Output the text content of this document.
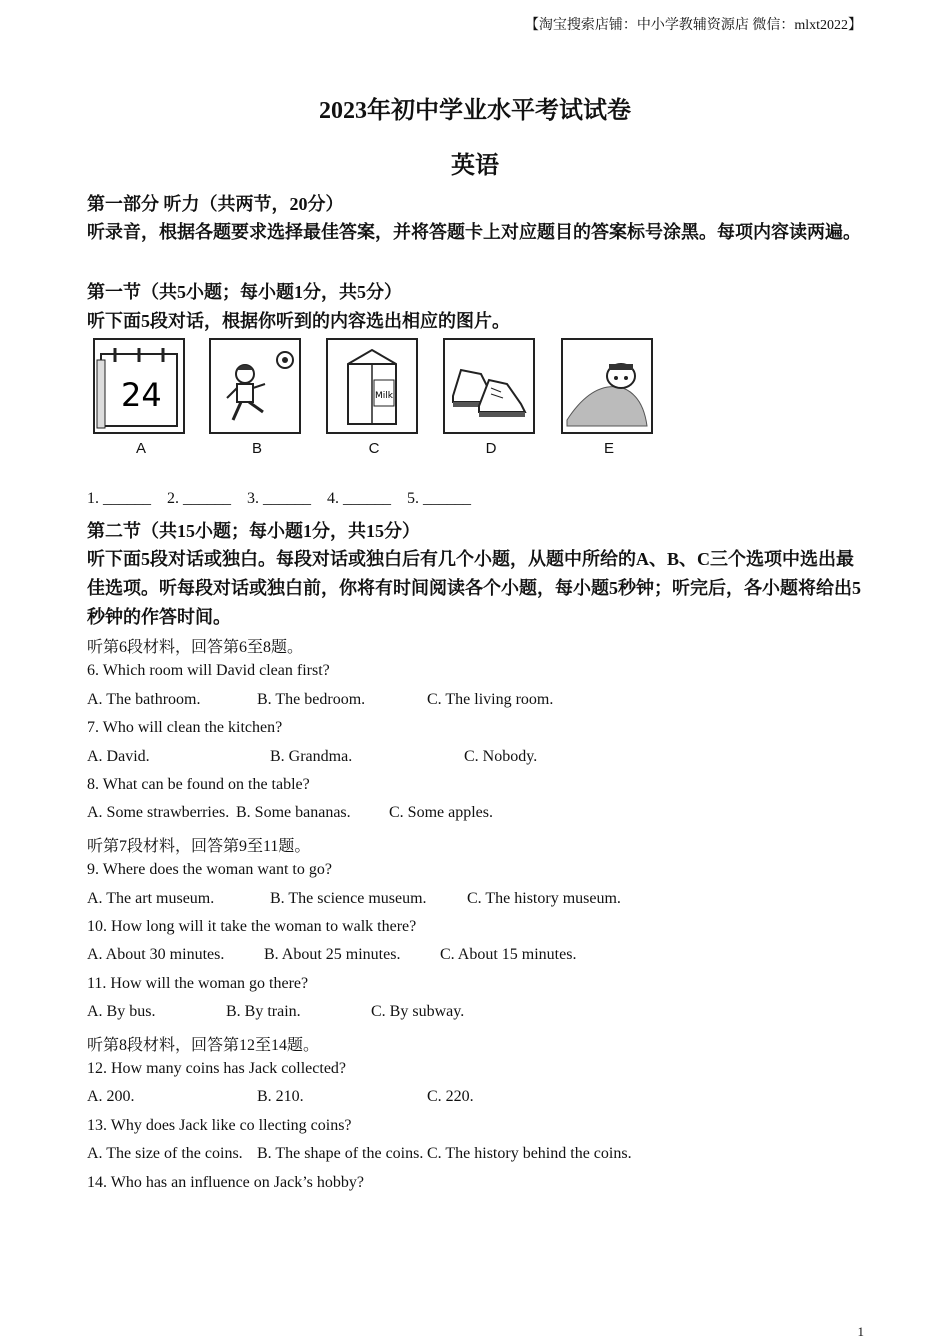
【淘宝搜索店铺：中小学教辅资源店 微信：mlxt2022】
2023年初中学业水平考试试卷
英语
第一部分 听力（共两节，20分）
听录音，根据各题要求选择最佳答案，并将答题卡上对应题目的答案标号涂黑。每项内容读两遍。
第一节（共5小题；每小题1分，共5分）
听下面5段对话，根据你听到的内容选出相应的图片。
24
A	B
Milk
C	D	E
1. ______    2. ______    3. ______    4. ______    5. ______
第二节（共15小题；每小题1分，共15分）
听下面5段对话或独白。每段对话或独白后有几个小题，从题中所给的A、B、C三个选项中选出最佳选项。听每段对话或独白前，你将有时间阅读各个小题，每小题5秒钟；听完后，各小题将给出5秒钟的作答时间。
听第6段材料，回答第6至8题。
6. Which room will David clean first?
A. The bathroom.	B. The bedroom.	C. The living room.
7. Who will clean the kitchen?
A. David.	B. Grandma.	C. Nobody.
8. What can be found on the table?
A. Some strawberries. B. Some bananas. C. Some apples.
听第7段材料，回答第9至11题。
9. Where does the woman want to go?
A. The art museum.	B. The science museum.	C. The history museum.
10. How long will it take the woman to walk there?
A. About 30 minutes. B. About 25 minutes. C. About 15 minutes.
11. How will the woman go there?
A. By bus.	B. By train.	C. By subway.
听第8段材料，回答第12至14题。
12. How many coins has Jack collected?
A. 200.	B. 210.	C. 220.
13. Why does Jack like co llecting coins?
A. The size of the coins. B. The shape of the coins. C. The history behind the coins.
14. Who has an influence on Jack’s hobby?
1
